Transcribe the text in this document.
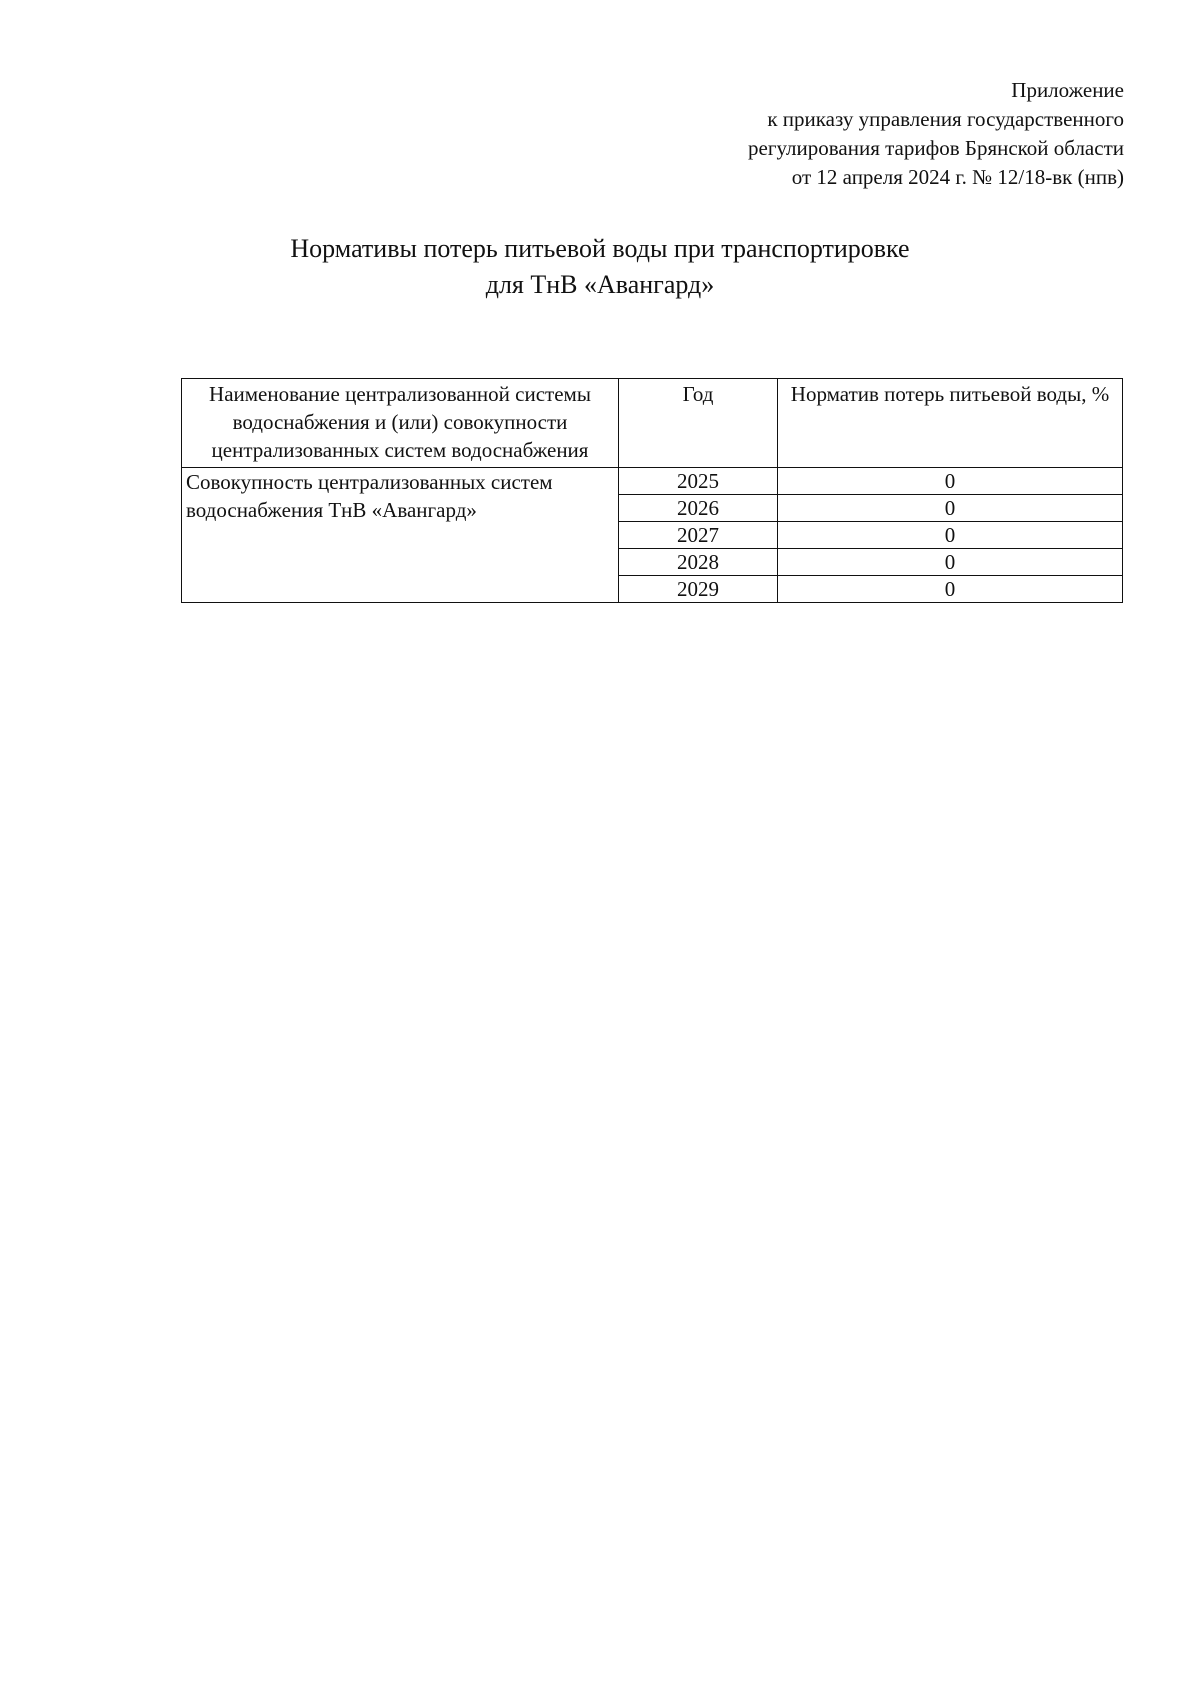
Приложение
к приказу управления государственного
регулирования тарифов Брянской области
от 12 апреля 2024 г. № 12/18-вк (нпв)
Нормативы потерь питьевой воды при транспортировке
для ТнВ «Авангард»
Наименование централизованной системы водоснабжения и (или) совокупности централизованных систем водоснабжения	Год	Норматив потерь питьевой воды, %
Совокупность централизованных систем водоснабжения ТнВ «Авангард»	2025	0
	2026	0
	2027	0
	2028	0
	2029	0
